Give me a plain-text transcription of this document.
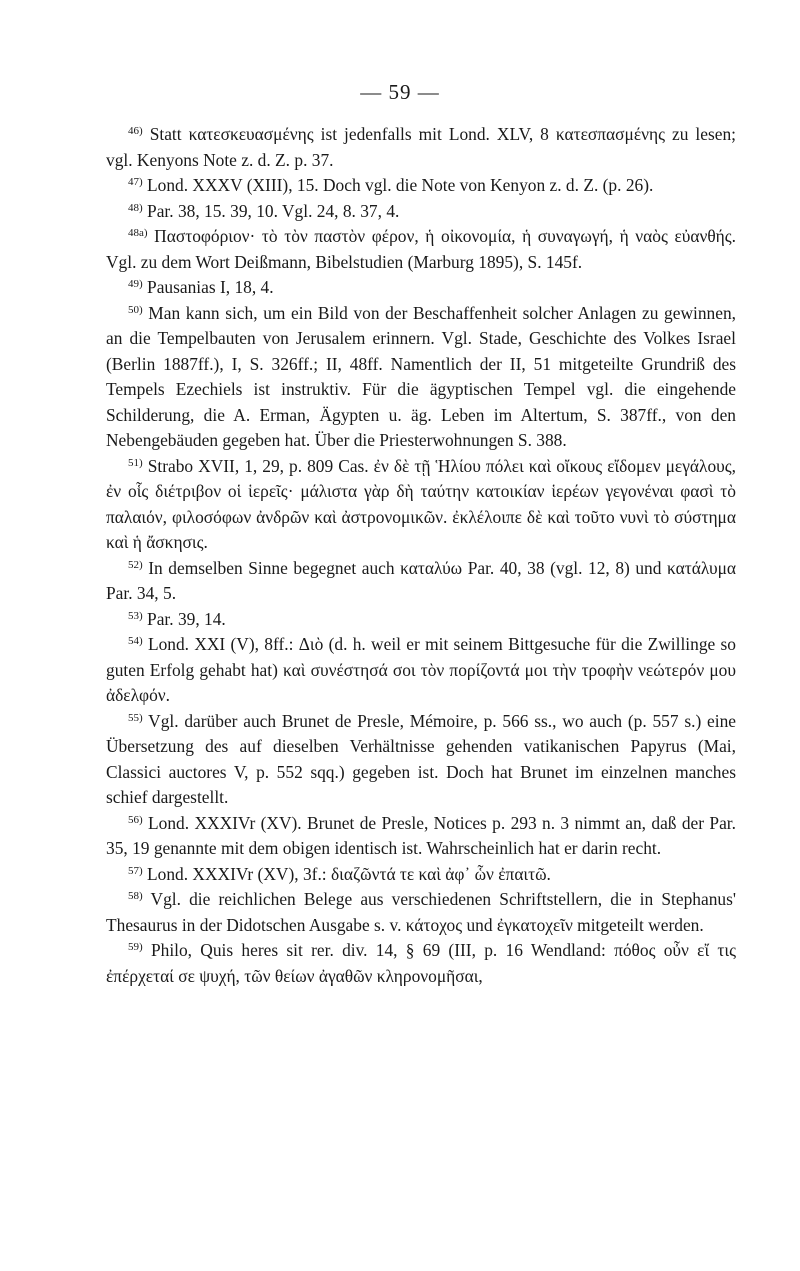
— 59 —

$^{46)}$ Statt κατεσκευασμένης ist jedenfalls mit Lond. XLV, 8 κατεσπασμένης zu lesen; vgl. Kenyons Note z. d. Z. p. 37.

$^{47)}$ Lond. XXXV (XIII), 15. Doch vgl. die Note von Kenyon z. d. Z. (p. 26).

$^{48)}$ Par. 38, 15. 39, 10. Vgl. 24, 8. 37, 4.

$^{48a)}$ Παστοφόριον· τὸ τὸν παστὸν φέρον, ἡ οἰκονομία, ἡ συναγωγή, ἡ ναὸς εὐανθής. Vgl. zu dem Wort Deißmann, Bibelstudien (Marburg 1895), S. 145f.

$^{49)}$ Pausanias I, 18, 4.

$^{50)}$ Man kann sich, um ein Bild von der Beschaffenheit solcher Anlagen zu gewinnen, an die Tempelbauten von Jerusalem erinnern. Vgl. Stade, Geschichte des Volkes Israel (Berlin 1887ff.), I, S. 326ff.; II, 48ff. Namentlich der II, 51 mitgeteilte Grundriß des Tempels Ezechiels ist instruktiv. Für die ägyptischen Tempel vgl. die eingehende Schilderung, die A. Erman, Ägypten u. äg. Leben im Altertum, S. 387ff., von den Nebengebäuden gegeben hat. Über die Priesterwohnungen S. 388.

$^{51)}$ Strabo XVII, 1, 29, p. 809 Cas. ἐν δὲ τῇ Ἡλίου πόλει καὶ οἴκους εἴδομεν μεγάλους, ἐν οἷς διέτριβον οἱ ἱερεῖς· μάλιστα γὰρ δὴ ταύτην κατοικίαν ἱερέων γεγονέναι φασὶ τὸ παλαιόν, φιλοσόφων ἀνδρῶν καὶ ἀστρονομικῶν. ἐκλέλοιπε δὲ καὶ τοῦτο νυνὶ τὸ σύστημα καὶ ἡ ἄσκησις.

$^{52)}$ In demselben Sinne begegnet auch καταλύω Par. 40, 38 (vgl. 12, 8) und κατάλυμα Par. 34, 5.

$^{53)}$ Par. 39, 14.

$^{54)}$ Lond. XXI (V), 8ff.: Διὸ (d. h. weil er mit seinem Bittgesuche für die Zwillinge so guten Erfolg gehabt hat) καὶ συνέστησά σοι τὸν πορίζοντά μοι τὴν τροφὴν νεώτερόν μου ἀδελφόν.

$^{55)}$ Vgl. darüber auch Brunet de Presle, Mémoire, p. 566 ss., wo auch (p. 557 s.) eine Übersetzung des auf dieselben Verhältnisse gehenden vatikanischen Papyrus (Mai, Classici auctores V, p. 552 sqq.) gegeben ist. Doch hat Brunet im einzelnen manches schief dargestellt.

$^{56)}$ Lond. XXXIVr (XV). Brunet de Presle, Notices p. 293 n. 3 nimmt an, daß der Par. 35, 19 genannte mit dem obigen identisch ist. Wahrscheinlich hat er darin recht.

$^{57)}$ Lond. XXXIVr (XV), 3f.: διαζῶντά τε καὶ ἀφ᾽ ὧν ἐπαιτῶ.

$^{58)}$ Vgl. die reichlichen Belege aus verschiedenen Schriftstellern, die in Stephanus' Thesaurus in der Didotschen Ausgabe s. v. κάτοχος und ἐγκατοχεῖν mitgeteilt werden.

$^{59)}$ Philo, Quis heres sit rer. div. 14, § 69 (III, p. 16 Wendland: πόθος οὖν εἴ τις ἐπέρχεταί σε ψυχή, τῶν θείων ἀγαθῶν κληρονομῆσαι,
